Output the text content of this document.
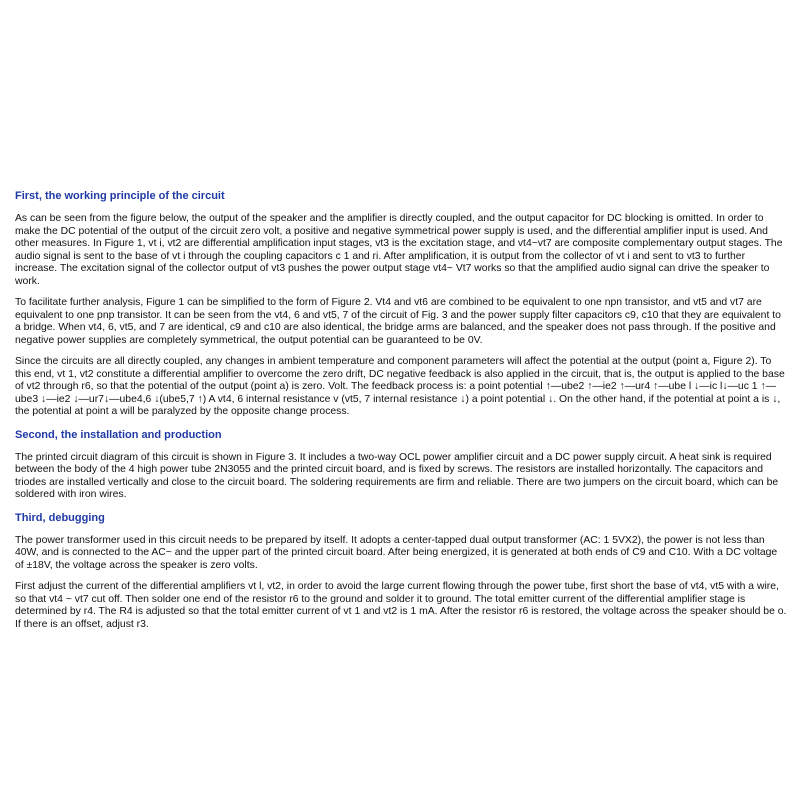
First, the working principle of the circuit

As can be seen from the figure below, the output of the speaker and the amplifier is directly coupled, and the output capacitor for DC blocking is omitted. In order to make the DC potential of the output of the circuit zero volt, a positive and negative symmetrical power supply is used, and the differential amplifier input is used. And other measures. In Figure 1, vt i, vt2 are differential amplification input stages, vt3 is the excitation stage, and vt4~vt7 are composite complementary output stages. The audio signal is sent to the base of vt i through the coupling capacitors c 1 and ri. After amplification, it is output from the collector of vt i and sent to vt3 to further increase. The excitation signal of the collector output of vt3 pushes the power output stage vt4~ Vt7 works so that the amplified audio signal can drive the speaker to work.

To facilitate further analysis, Figure 1 can be simplified to the form of Figure 2. Vt4 and vt6 are combined to be equivalent to one npn transistor, and vt5 and vt7 are equivalent to one pnp transistor. It can be seen from the vt4, 6 and vt5, 7 of the circuit of Fig. 3 and the power supply filter capacitors c9, c10 that they are equivalent to a bridge. When vt4, 6, vt5, and 7 are identical, c9 and c10 are also identical, the bridge arms are balanced, and the speaker does not pass through. If the positive and negative power supplies are completely symmetrical, the output potential can be guaranteed to be 0V.

Since the circuits are all directly coupled, any changes in ambient temperature and component parameters will affect the potential at the output (point a, Figure 2). To this end, vt 1, vt2 constitute a differential amplifier to overcome the zero drift, DC negative feedback is also applied in the circuit, that is, the output is applied to the base of vt2 through r6, so that the potential of the output (point a) is zero. Volt. The feedback process is: a point potential ↑—ube2 ↑—ie2 ↑—ur4 ↑—ube l ↓—ic l↓—uc 1 ↑—ube3 ↓—ie2 ↓—ur7↓—ube4,6 ↓(ube5,7 ↑) A vt4, 6 internal resistance v (vt5, 7 internal resistance ↓) a point potential ↓. On the other hand, if the potential at point a is ↓, the potential at point a will be paralyzed by the opposite change process.

Second, the installation and production

The printed circuit diagram of this circuit is shown in Figure 3. It includes a two-way OCL power amplifier circuit and a DC power supply circuit. A heat sink is required between the body of the 4 high power tube 2N3055 and the printed circuit board, and is fixed by screws. The resistors are installed horizontally. The capacitors and triodes are installed vertically and close to the circuit board. The soldering requirements are firm and reliable. There are two jumpers on the circuit board, which can be soldered with iron wires.

Third, debugging

The power transformer used in this circuit needs to be prepared by itself. It adopts a center-tapped dual output transformer (AC: 1 5VX2), the power is not less than 40W, and is connected to the AC~ and the upper part of the printed circuit board. After being energized, it is generated at both ends of C9 and C10. With a DC voltage of ±18V, the voltage across the speaker is zero volts.

First adjust the current of the differential amplifiers vt l, vt2, in order to avoid the large current flowing through the power tube, first short the base of vt4, vt5 with a wire, so that vt4 ~ vt7 cut off. Then solder one end of the resistor r6 to the ground and solder it to ground. The total emitter current of the differential amplifier stage is determined by r4. The R4 is adjusted so that the total emitter current of vt 1 and vt2 is 1 mA. After the resistor r6 is restored, the voltage across the speaker should be o. If there is an offset, adjust r3.
